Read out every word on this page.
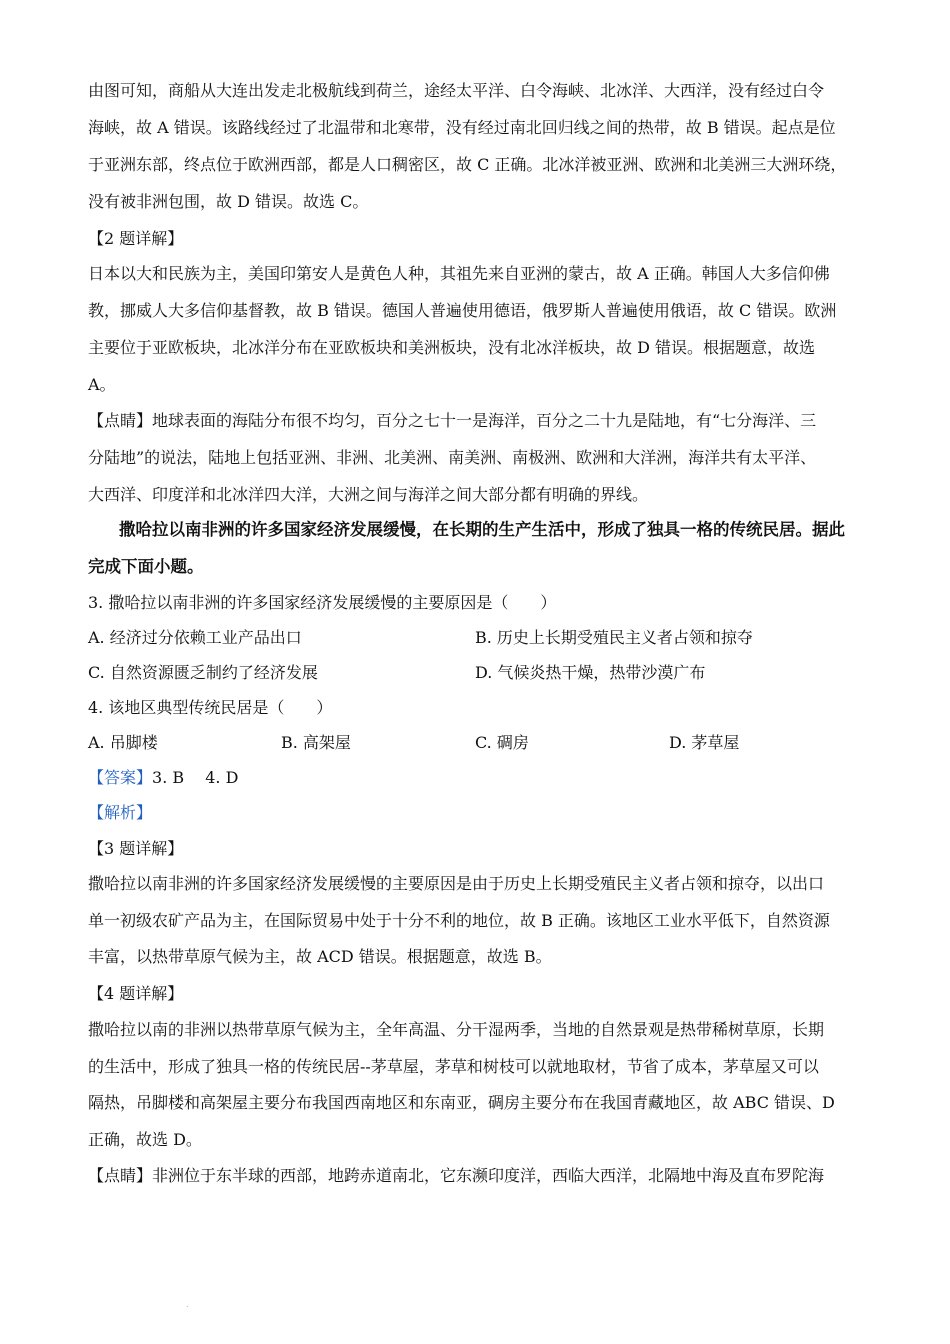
由图可知，商船从大连出发走北极航线到荷兰，途经太平洋、白令海峡、北冰洋、大西洋，没有经过白令
海峡，故 A 错误。该路线经过了北温带和北寒带，没有经过南北回归线之间的热带，故 B 错误。起点是位
于亚洲东部，终点位于欧洲西部，都是人口稠密区，故 C 正确。北冰洋被亚洲、欧洲和北美洲三大洲环绕，
没有被非洲包围，故 D 错误。故选 C。
【2 题详解】
日本以大和民族为主，美国印第安人是黄色人种，其祖先来自亚洲的蒙古，故 A 正确。韩国人大多信仰佛
教，挪威人大多信仰基督教，故 B 错误。德国人普遍使用德语，俄罗斯人普遍使用俄语，故 C 错误。欧洲
主要位于亚欧板块，北冰洋分布在亚欧板块和美洲板块，没有北冰洋板块，故 D 错误。根据题意，故选
A。
【点睛】地球表面的海陆分布很不均匀，百分之七十一是海洋，百分之二十九是陆地，有“七分海洋、三
分陆地”的说法，陆地上包括亚洲、非洲、北美洲、南美洲、南极洲、欧洲和大洋洲，海洋共有太平洋、
大西洋、印度洋和北冰洋四大洋，大洲之间与海洋之间大部分都有明确的界线。
撒哈拉以南非洲的许多国家经济发展缓慢，在长期的生产生活中，形成了独具一格的传统民居。据此
完成下面小题。
3. 撒哈拉以南非洲的许多国家经济发展缓慢的主要原因是（　　）
A. 经济过分依赖工业产品出口	B. 历史上长期受殖民主义者占领和掠夺
C. 自然资源匮乏制约了经济发展	D. 气候炎热干燥，热带沙漠广布
4. 该地区典型传统民居是（　　）
A. 吊脚楼	B. 高架屋	C. 碉房	D. 茅草屋
【答案】3. B　 4. D
【解析】
【3 题详解】
撒哈拉以南非洲的许多国家经济发展缓慢的主要原因是由于历史上长期受殖民主义者占领和掠夺，以出口
单一初级农矿产品为主，在国际贸易中处于十分不利的地位，故 B 正确。该地区工业水平低下，自然资源
丰富，以热带草原气候为主，故 ACD 错误。根据题意，故选 B。
【4 题详解】
撒哈拉以南的非洲以热带草原气候为主，全年高温、分干湿两季，当地的自然景观是热带稀树草原，长期
的生活中，形成了独具一格的传统民居--茅草屋，茅草和树枝可以就地取材，节省了成本，茅草屋又可以
隔热，吊脚楼和高架屋主要分布我国西南地区和东南亚，碉房主要分布在我国青藏地区，故 ABC 错误、D
正确，故选 D。
【点睛】非洲位于东半球的西部，地跨赤道南北，它东濒印度洋，西临大西洋，北隔地中海及直布罗陀海
.
